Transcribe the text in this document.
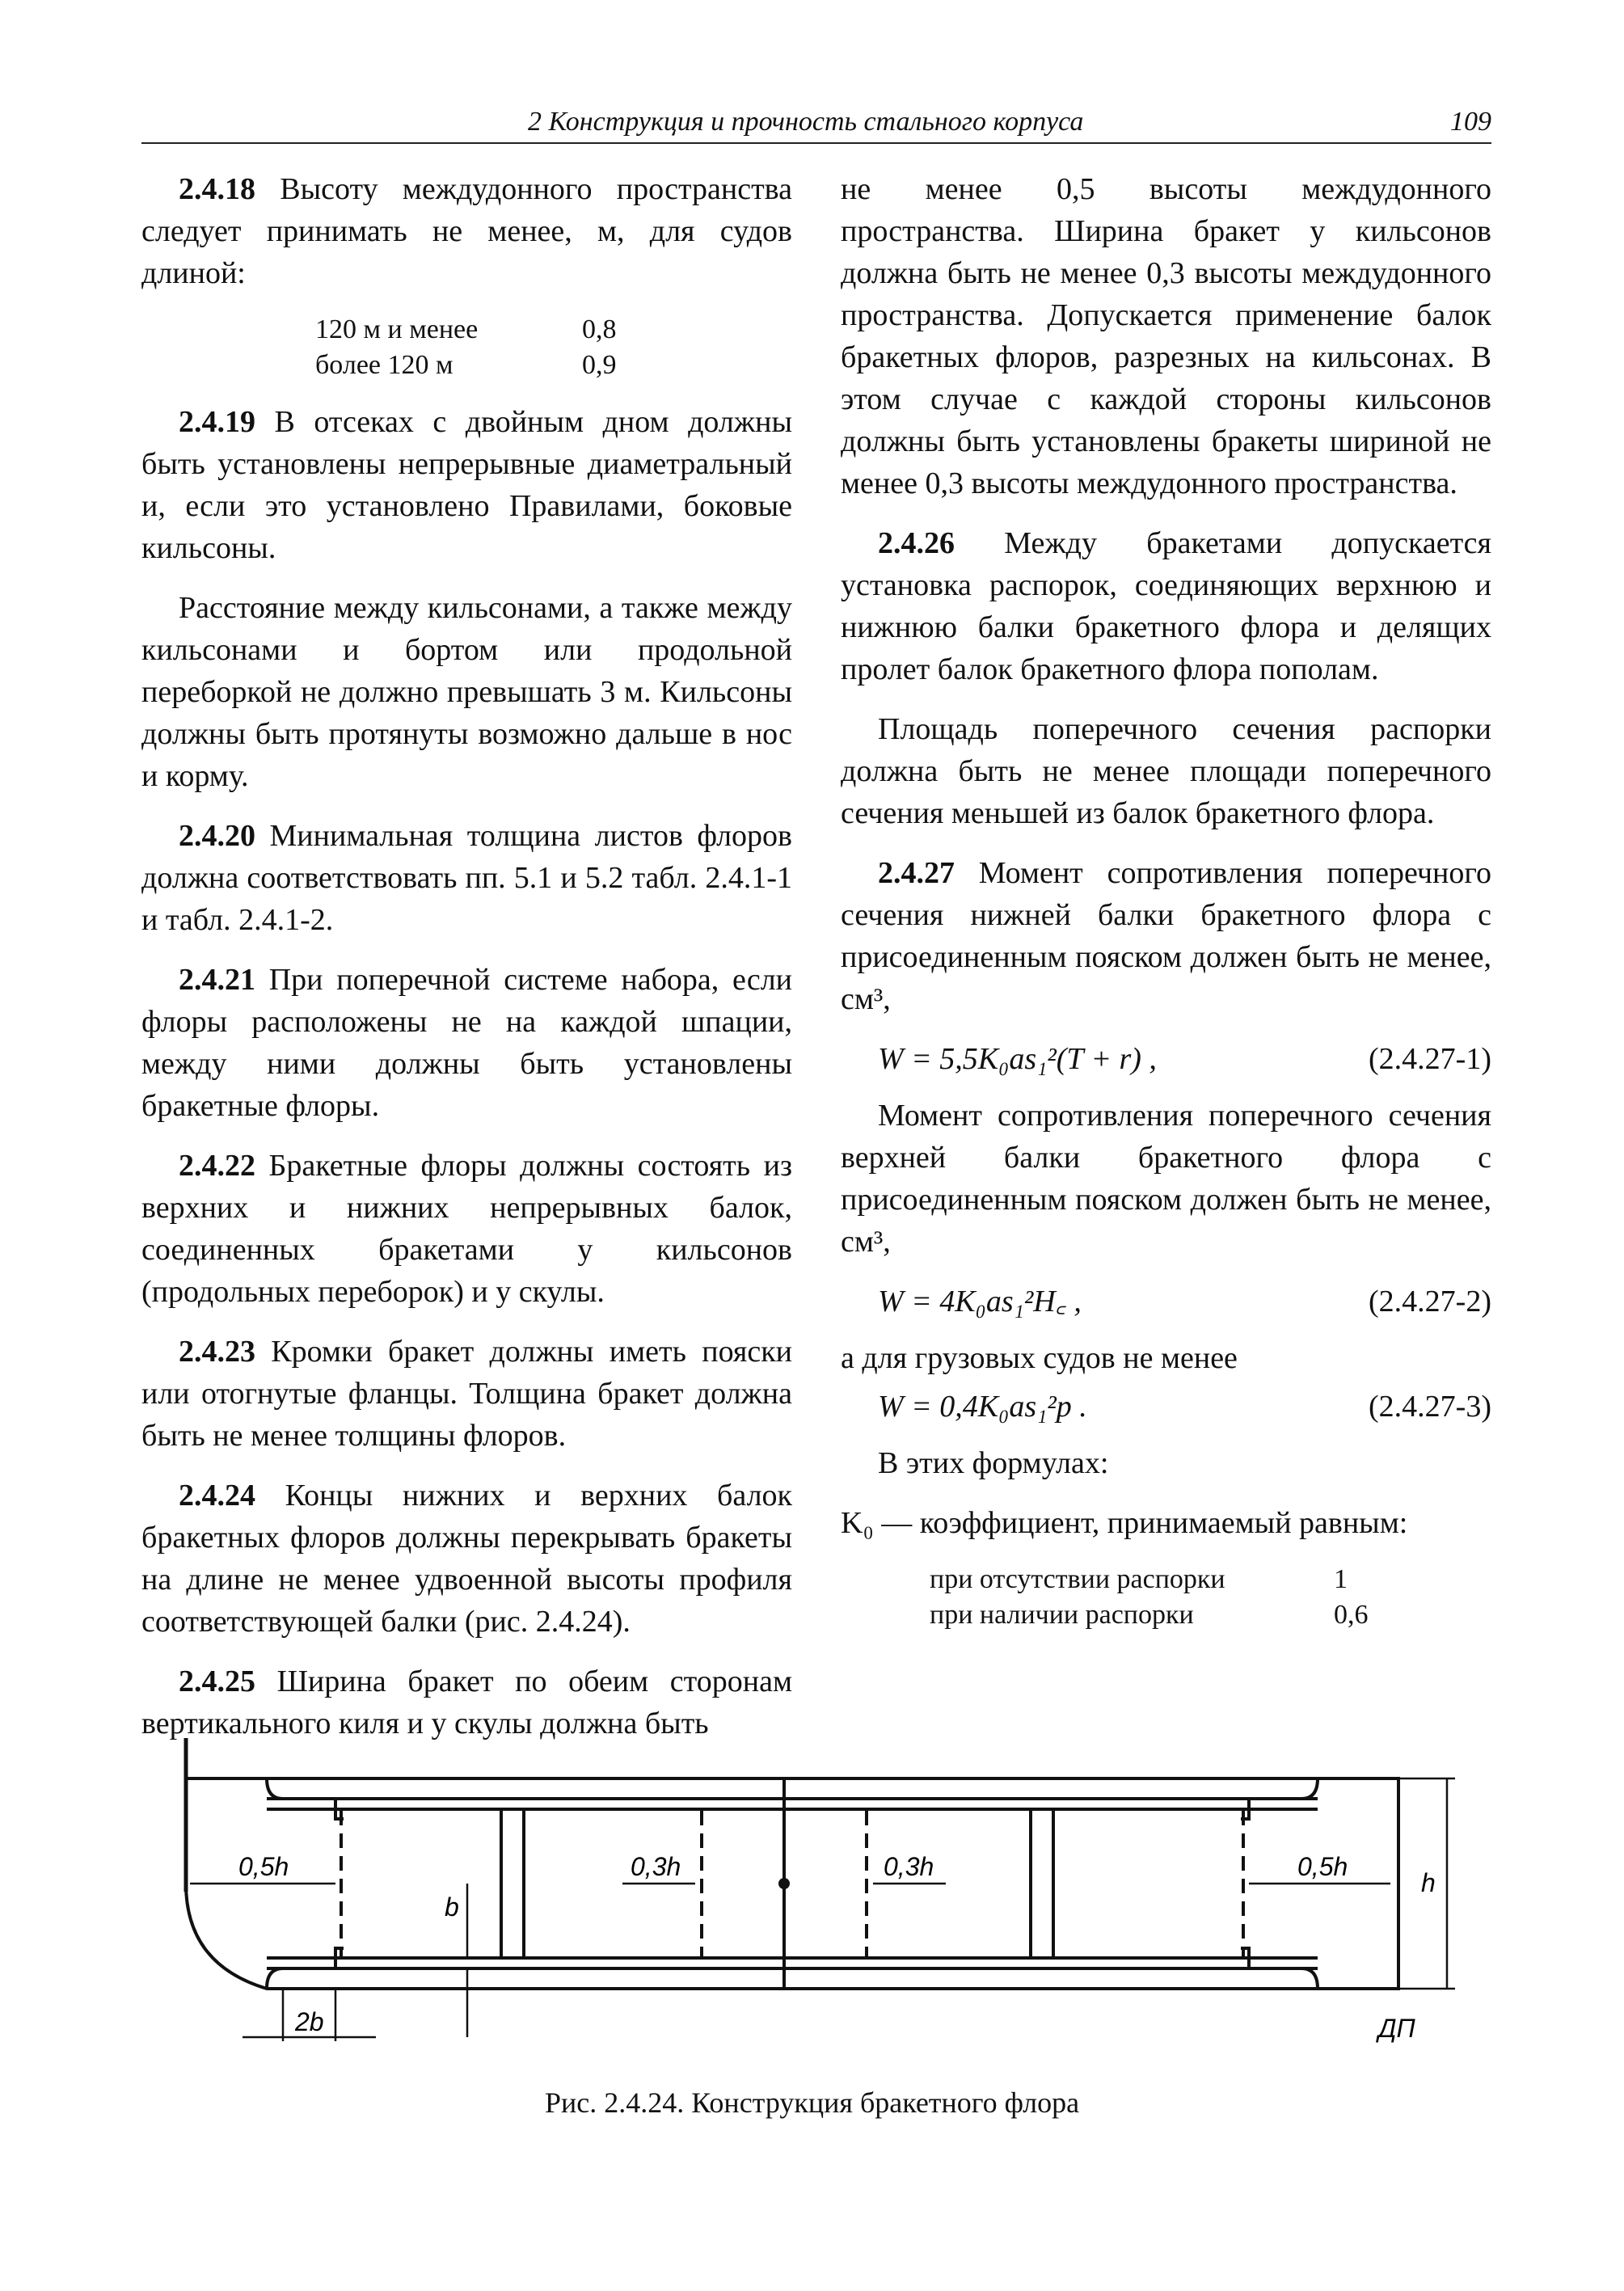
2 Конструкция и прочность стального корпуса	109

2.4.18 Высоту междудонного пространства следует принимать не менее, м, для судов длиной:

120 м и менее	0,8
более 120 м	0,9

2.4.19 В отсеках с двойным дном должны быть установлены непрерывные диаметральный и, если это установлено Правилами, боковые кильсоны.

Расстояние между кильсонами, а также между кильсонами и бортом или продольной переборкой не должно превышать 3 м. Кильсоны должны быть протянуты возможно дальше в нос и корму.

2.4.20 Минимальная толщина листов флоров должна соответствовать пп. 5.1 и 5.2 табл. 2.4.1-1 и табл. 2.4.1-2.

2.4.21 При поперечной системе набора, если флоры расположены не на каждой шпации, между ними должны быть установлены бракетные флоры.

2.4.22 Бракетные флоры должны состоять из верхних и нижних непрерывных балок, соединенных бракетами у кильсонов (продольных переборок) и у скулы.

2.4.23 Кромки бракет должны иметь пояски или отогнутые фланцы. Толщина бракет должна быть не менее толщины флоров.

2.4.24 Концы нижних и верхних балок бракетных флоров должны перекрывать бракеты на длине не менее удвоенной высоты профиля соответствующей балки (рис. 2.4.24).

2.4.25 Ширина бракет по обеим сторонам вертикального киля и у скулы должна быть

не менее 0,5 высоты междудонного пространства. Ширина бракет у кильсонов должна быть не менее 0,3 высоты междудонного пространства. Допускается применение балок бракетных флоров, разрезных на кильсонах. В этом случае с каждой стороны кильсонов должны быть установлены бракеты шириной не менее 0,3 высоты междудонного пространства.

2.4.26 Между бракетами допускается установка распорок, соединяющих верхнюю и нижнюю балки бракетного флора и делящих пролет балок бракетного флора пополам.

Площадь поперечного сечения распорки должна быть не менее площади поперечного сечения меньшей из балок бракетного флора.

2.4.27 Момент сопротивления поперечного сечения нижней балки бракетного флора с присоединенным пояском должен быть не менее, см³,

W = 5,5K₀as₁²(T + r) ,	(2.4.27-1)

Момент сопротивления поперечного сечения верхней балки бракетного флора с присоединенным пояском должен быть не менее, см³,

W = 4K₀as₁²H꜀ ,	(2.4.27-2)

а для грузовых судов не менее

W = 0,4K₀as₁²p .	(2.4.27-3)

В этих формулах:

K₀ — коэффициент, принимаемый равным:

при отсутствии распорки	1
при наличии распорки	0,6
0,5h	0,3h	0,3h	0,5h
b
h
2b	ДП
Рис. 2.4.24. Конструкция бракетного флора
